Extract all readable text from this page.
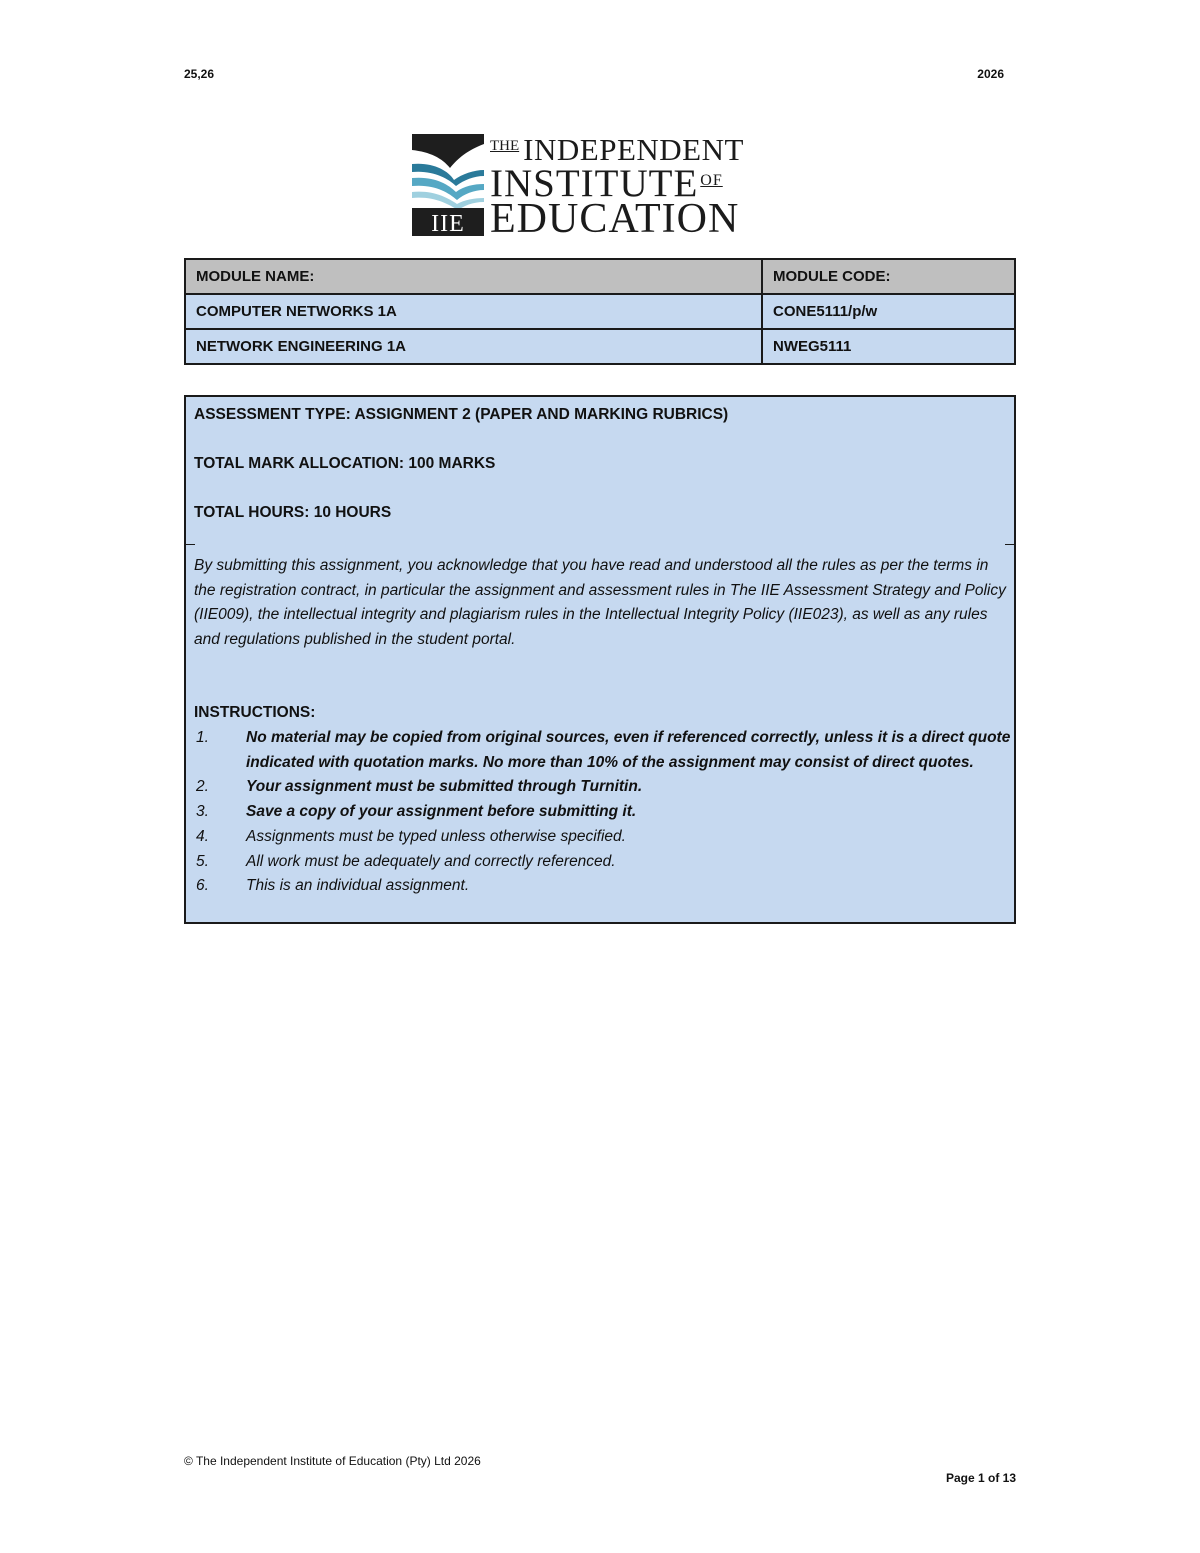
25,26	2026
IIE
$^{THE}$ INDEPENDENT
INSTITUTE $^{OF}$
EDUCATION
MODULE NAME:	MODULE CODE:
COMPUTER NETWORKS 1A	CONE5111/p/w
NETWORK ENGINEERING 1A	NWEG5111
ASSESSMENT TYPE: ASSIGNMENT 2 (PAPER AND MARKING RUBRICS)
TOTAL MARK ALLOCATION: 100 MARKS
TOTAL HOURS: 10 HOURS
By submitting this assignment, you acknowledge that you have read and understood all the rules as per the terms in the registration contract, in particular the assignment and assessment rules in The IIE Assessment Strategy and Policy (IIE009), the intellectual integrity and plagiarism rules in the Intellectual Integrity Policy (IIE023), as well as any rules and regulations published in the student portal.
INSTRUCTIONS:
1. No material may be copied from original sources, even if referenced correctly, unless it is a direct quote indicated with quotation marks. No more than 10% of the assignment may consist of direct quotes.
2. Your assignment must be submitted through Turnitin.
3. Save a copy of your assignment before submitting it.
4. Assignments must be typed unless otherwise specified.
5. All work must be adequately and correctly referenced.
6. This is an individual assignment.
© The Independent Institute of Education (Pty) Ltd 2026
Page 1 of 13
